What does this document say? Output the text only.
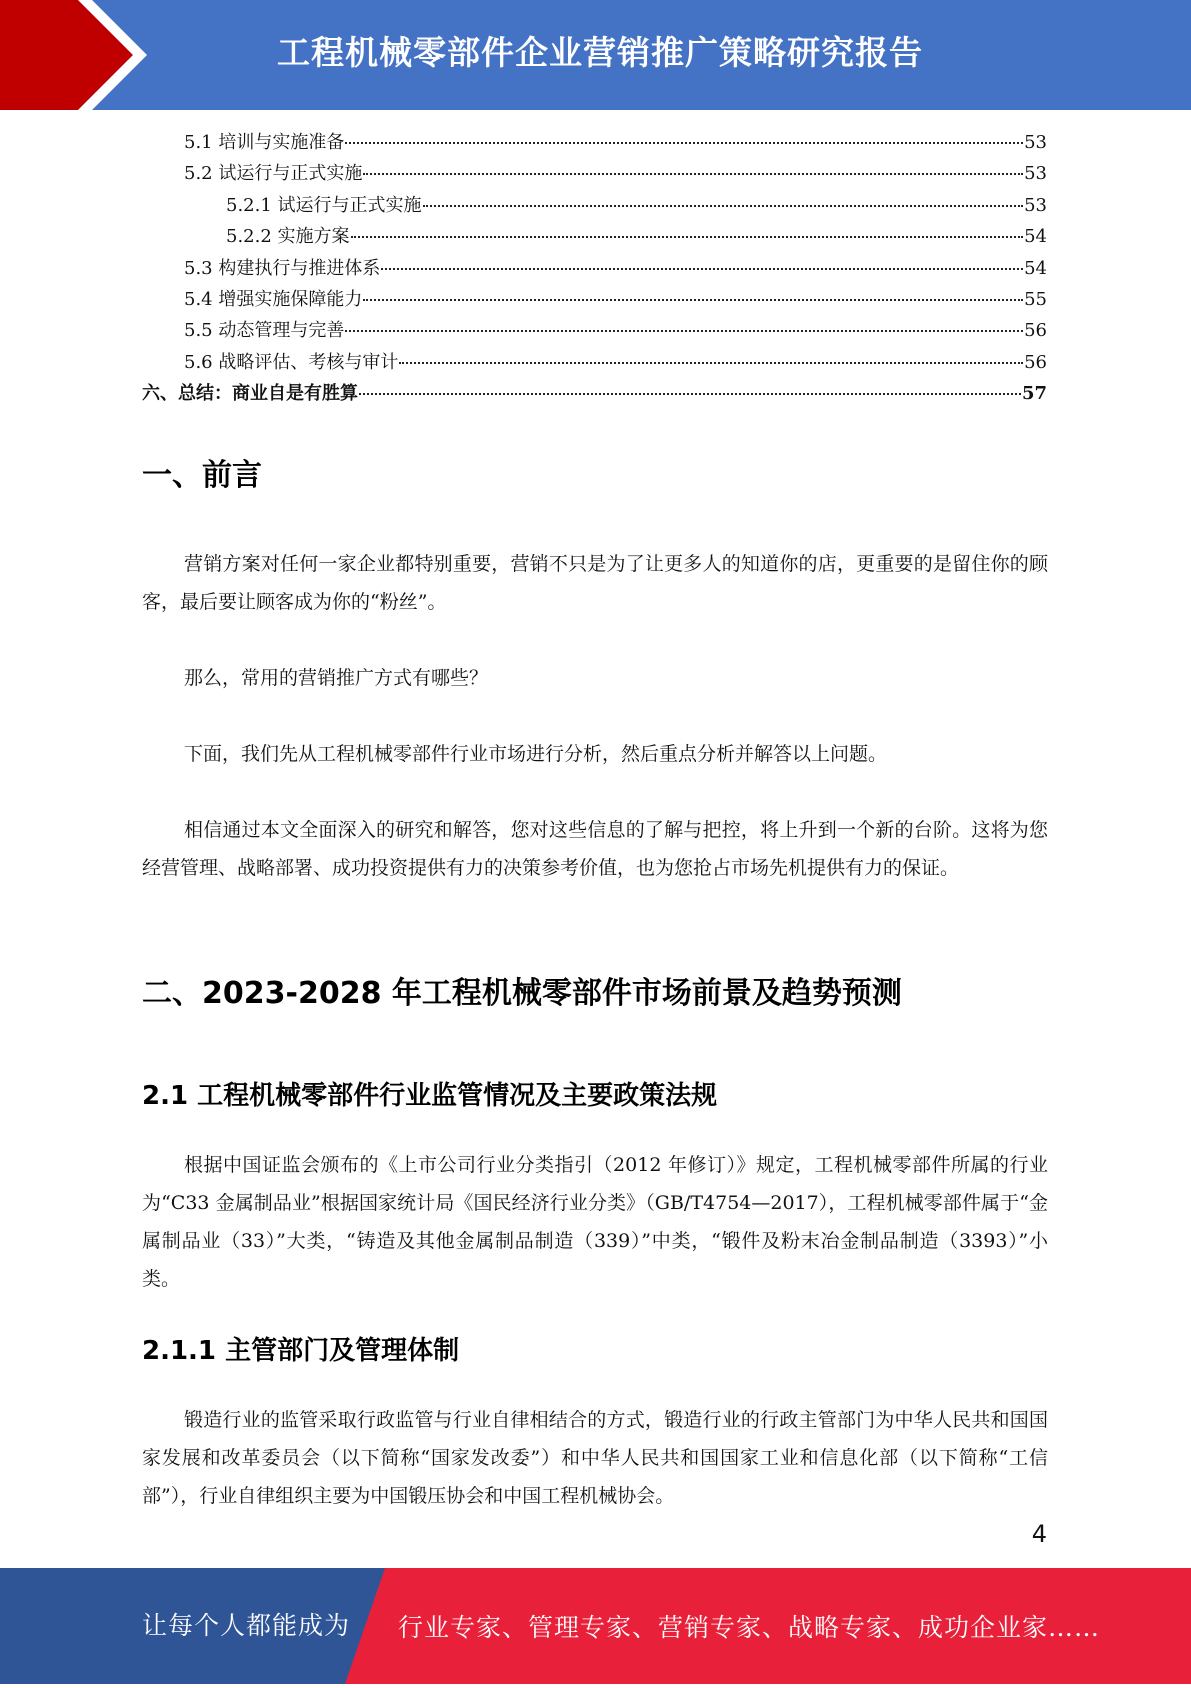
工程机械零部件企业营销推广策略研究报告
5.1 培训与实施准备	53
5.2 试运行与正式实施	53
5.2.1 试运行与正式实施	53
5.2.2 实施方案	54
5.3 构建执行与推进体系	54
5.4 增强实施保障能力	55
5.5 动态管理与完善	56
5.6 战略评估、考核与审计	56
六、总结：商业自是有胜算	57
一、前言
营销方案对任何一家企业都特别重要，营销不只是为了让更多人的知道你的店，更重要的是留住你的顾客，最后要让顾客成为你的“粉丝”。
那么，常用的营销推广方式有哪些？
下面，我们先从工程机械零部件行业市场进行分析，然后重点分析并解答以上问题。
相信通过本文全面深入的研究和解答，您对这些信息的了解与把控，将上升到一个新的台阶。这将为您经营管理、战略部署、成功投资提供有力的决策参考价值，也为您抢占市场先机提供有力的保证。
二、2023-2028 年工程机械零部件市场前景及趋势预测
2.1 工程机械零部件行业监管情况及主要政策法规
根据中国证监会颁布的《上市公司行业分类指引（2012 年修订）》规定，工程机械零部件所属的行业为“C33 金属制品业”根据国家统计局《国民经济行业分类》（GB/T4754—2017），工程机械零部件属于“金属制品业（33）”大类，“铸造及其他金属制品制造（339）”中类，“锻件及粉末冶金制品制造（3393）”小类。
2.1.1 主管部门及管理体制
锻造行业的监管采取行政监管与行业自律相结合的方式，锻造行业的行政主管部门为中华人民共和国国家发展和改革委员会（以下简称“国家发改委”）和中华人民共和国国家工业和信息化部（以下简称“工信部”），行业自律组织主要为中国锻压协会和中国工程机械协会。
4
让每个人都能成为 行业专家、管理专家、营销专家、战略专家、成功企业家……
